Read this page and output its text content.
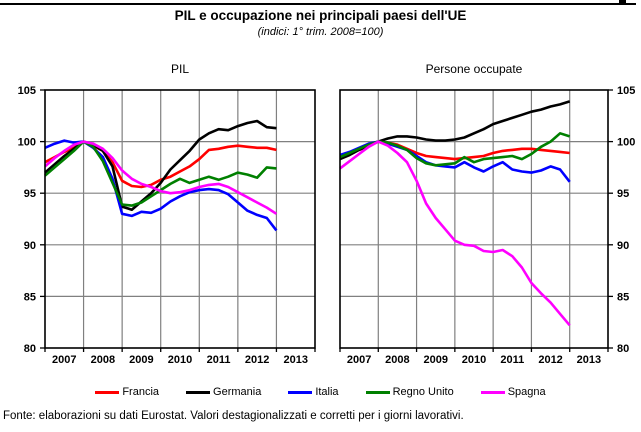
PIL e occupazione nei principali paesi dell'UE
(indici: 1° trim. 2008=100)
PIL	Persone occupate
80
85
90
95
100
105
2007 2008 2009 2010 2011 2012 2013
80
85
90
95
100
105
2007 2008 2009 2010 2011 2012 2013
Francia	Germania	Italia	Regno Unito	Spagna
Fonte: elaborazioni su dati Eurostat. Valori destagionalizzati e corretti per i giorni lavorativi.
